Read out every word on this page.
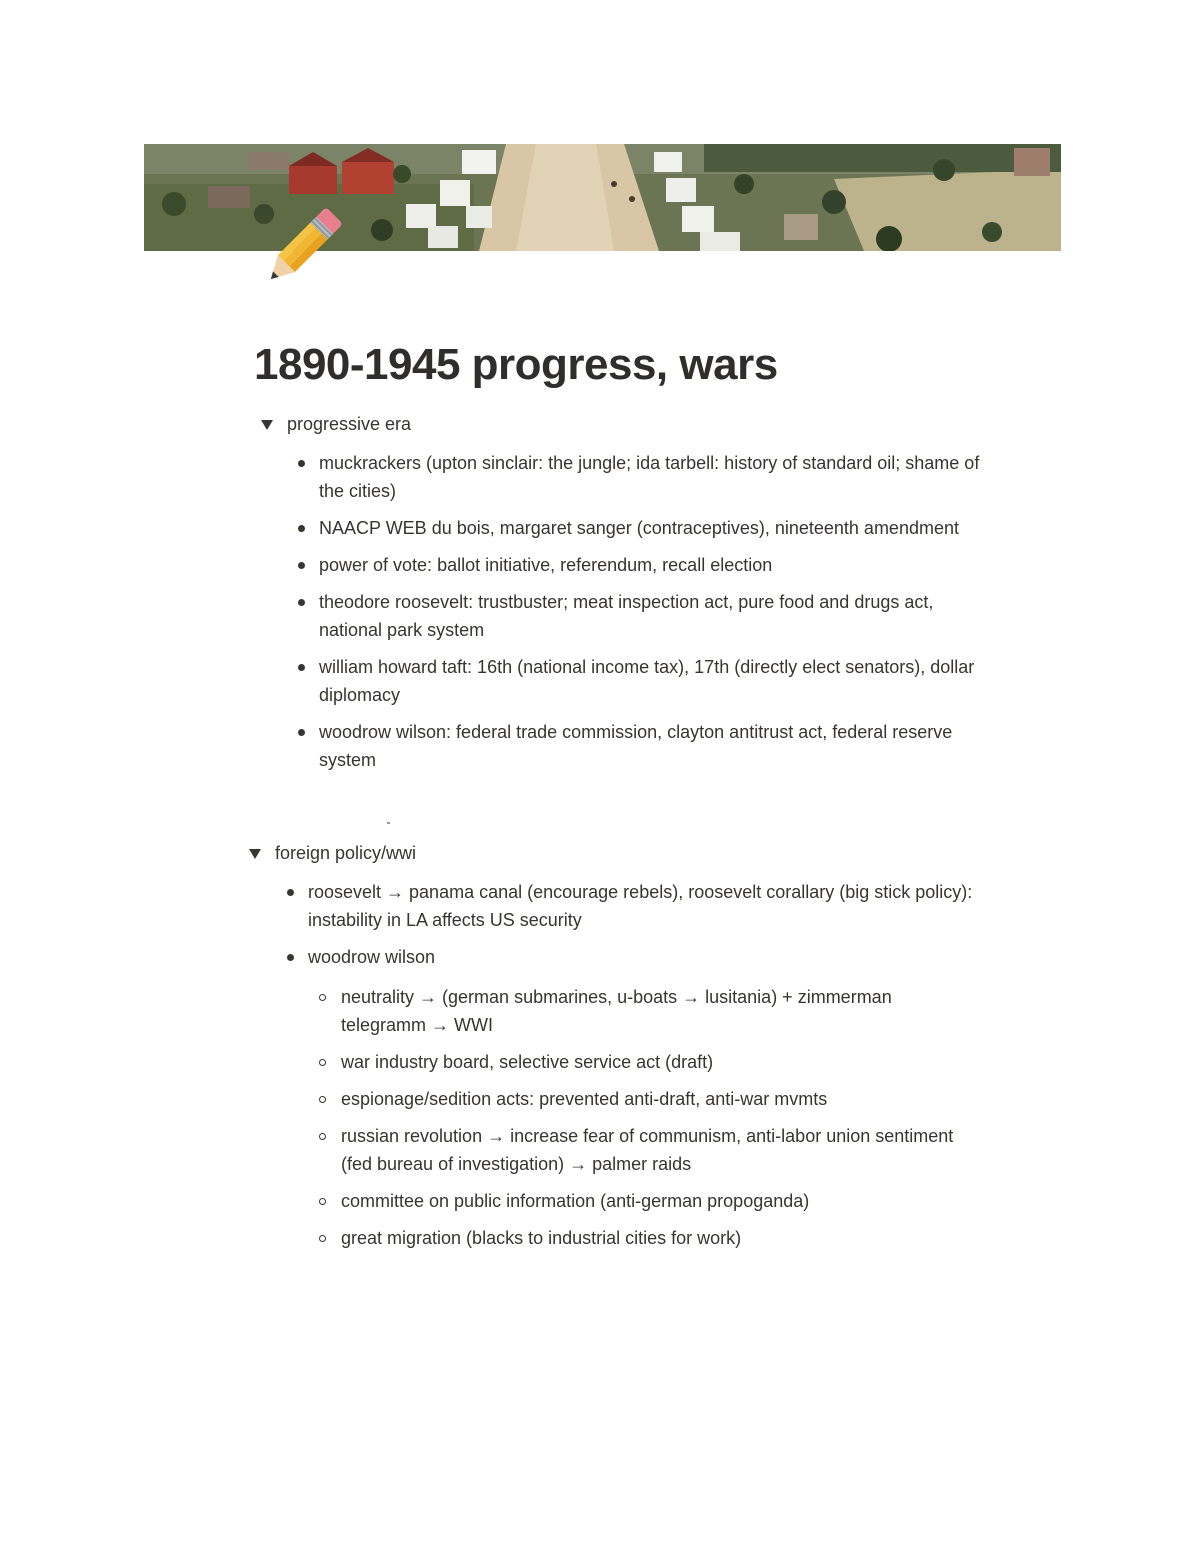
1890-1945 progress, wars
progressive era
muckrackers (upton sinclair: the jungle; ida tarbell: history of standard oil; shame of the cities)
NAACP WEB du bois, margaret sanger (contraceptives), nineteenth amendment
power of vote: ballot initiative, referendum, recall election
theodore roosevelt: trustbuster; meat inspection act, pure food and drugs act, national park system
william howard taft: 16th (national income tax), 17th (directly elect senators), dollar diplomacy
woodrow wilson: federal trade commission, clayton antitrust act, federal reserve system
foreign policy/wwi
roosevelt → panama canal (encourage rebels), roosevelt corallary (big stick policy): instability in LA affects US security
woodrow wilson
neutrality → (german submarines, u-boats → lusitania) + zimmerman telegramm → WWI
war industry board, selective service act (draft)
espionage/sedition acts: prevented anti-draft, anti-war mvmts
russian revolution → increase fear of communism, anti-labor union sentiment (fed bureau of investigation) → palmer raids
committee on public information (anti-german propoganda)
great migration (blacks to industrial cities for work)
